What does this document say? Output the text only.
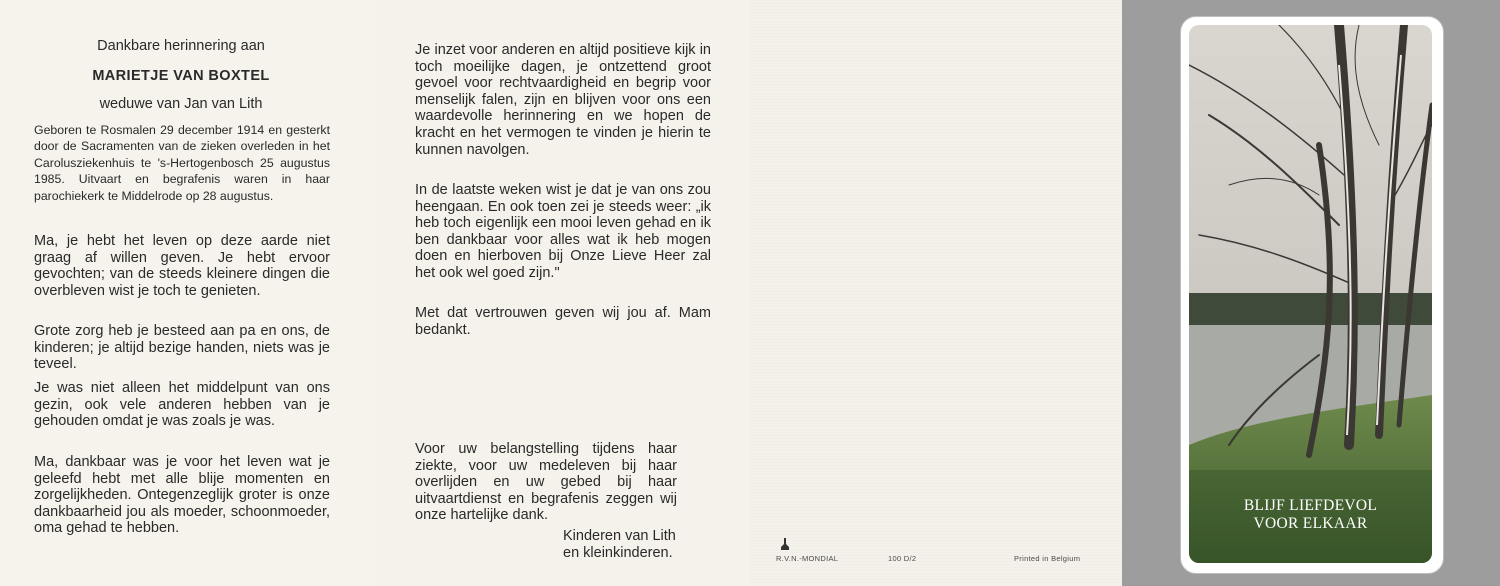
Dankbare herinnering aan
MARIETJE VAN BOXTEL
weduwe van Jan van Lith
Geboren te Rosmalen 29 december 1914 en gesterkt door de Sacramenten van de zieken overleden in het Carolusziekenhuis te 's-Hertogenbosch 25 augustus 1985. Uitvaart en begrafenis waren in haar parochiekerk te Middelrode op 28 augustus.
Ma, je hebt het leven op deze aarde niet graag af willen geven. Je hebt ervoor gevochten; van de steeds kleinere dingen die overbleven wist je toch te genieten.
Grote zorg heb je besteed aan pa en ons, de kinderen; je altijd bezige handen, niets was je teveel.
Je was niet alleen het middelpunt van ons gezin, ook vele anderen hebben van je gehouden omdat je was zoals je was.
Ma, dankbaar was je voor het leven wat je geleefd hebt met alle blije momenten en zorgelijkheden. Ontegenzeglijk groter is onze dankbaarheid jou als moeder, schoonmoeder, oma gehad te hebben.
Je inzet voor anderen en altijd positieve kijk in toch moeilijke dagen, je ontzettend groot gevoel voor rechtvaardigheid en begrip voor menselijk falen, zijn en blijven voor ons een waardevolle herinnering en we hopen de kracht en het vermogen te vinden je hierin te kunnen navolgen.
In de laatste weken wist je dat je van ons zou heengaan. En ook toen zei je steeds weer: „ik heb toch eigenlijk een mooi leven gehad en ik ben dankbaar voor alles wat ik heb mogen doen en hierboven bij Onze Lieve Heer zal het ook wel goed zijn."
Met dat vertrouwen geven wij jou af. Mam bedankt.
Voor uw belangstelling tijdens haar ziekte, voor uw medeleven bij haar overlijden en uw gebed bij haar uitvaartdienst en begrafenis zeggen wij onze hartelijke dank.
Kinderen van Lith
en kleinkinderen.	R.V.N.-MONDIAL	100 D/2	Printed in Belgium
BLIJF LIEFDEVOL
VOOR ELKAAR
